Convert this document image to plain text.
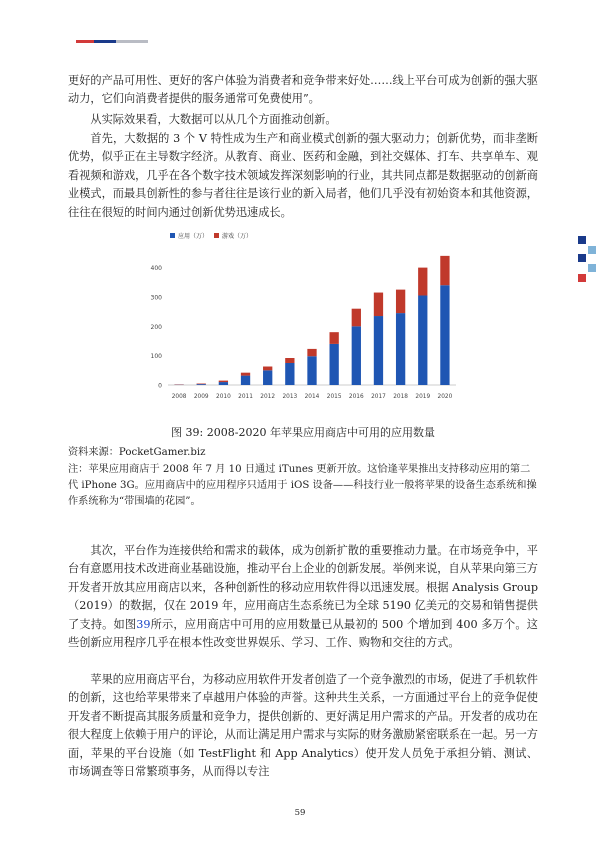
更好的产品可用性、更好的客户体验为消费者和竞争带来好处……线上平台可成为创新的强大驱动力，它们向消费者提供的服务通常可免费使用”。

从实际效果看，大数据可以从几个方面推动创新。

首先，大数据的 3 个 V 特性成为生产和商业模式创新的强大驱动力；创新优势，而非垄断优势，似乎正在主导数字经济。从教育、商业、医药和金融，到社交媒体、打车、共享单车、观看视频和游戏，几乎在各个数字技术领域发挥深刻影响的行业，其共同点都是数据驱动的创新商业模式，而最具创新性的参与者往往是该行业的新入局者，他们几乎没有初始资本和其他资源，往往在很短的时间内通过创新优势迅速成长。

0
100
200
300
400
2008 2009 2010 2011 2012 2013 2014 2015 2016 2017 2018 2019 2020
应用（万） 游戏（万）
图 39: 2008-2020 年苹果应用商店中可用的应用数量

资料来源：PocketGamer.biz

注：苹果应用商店于 2008 年 7 月 10 日通过 iTunes 更新开放。这恰逢苹果推出支持移动应用的第二代 iPhone 3G。应用商店中的应用程序只适用于 iOS 设备——科技行业一般将苹果的设备生态系统和操作系统称为“带围墙的花园”。

其次，平台作为连接供给和需求的载体，成为创新扩散的重要推动力量。在市场竞争中，平台有意愿用技术改进商业基础设施，推动平台上企业的创新发展。举例来说，自从苹果向第三方开发者开放其应用商店以来，各种创新性的移动应用软件得以迅速发展。根据 Analysis Group（2019）的数据，仅在 2019 年，应用商店生态系统已为全球 5190 亿美元的交易和销售提供了支持。如图39所示，应用商店中可用的应用数量已从最初的 500 个增加到 400 多万个。这些创新应用程序几乎在根本性改变世界娱乐、学习、工作、购物和交往的方式。

苹果的应用商店平台，为移动应用软件开发者创造了一个竞争激烈的市场，促进了手机软件的创新，这也给苹果带来了卓越用户体验的声誉。这种共生关系，一方面通过平台上的竞争促使开发者不断提高其服务质量和竞争力，提供创新的、更好满足用户需求的产品。开发者的成功在很大程度上依赖于用户的评论，从而让满足用户需求与实际的财务激励紧密联系在一起。另一方面，苹果的平台设施（如 TestFlight 和 App Analytics）使开发人员免于承担分销、测试、市场调查等日常繁琐事务，从而得以专注

59
